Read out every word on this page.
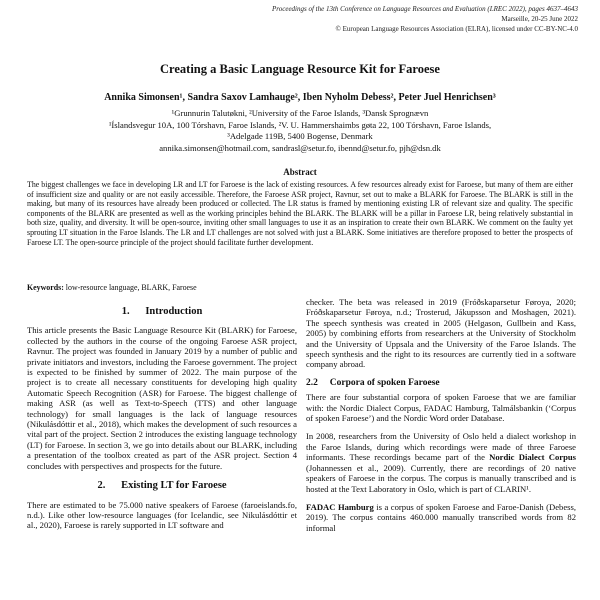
Proceedings of the 13th Conference on Language Resources and Evaluation (LREC 2022), pages 4637–4643
Marseille, 20-25 June 2022
© European Language Resources Association (ELRA), licensed under CC-BY-NC-4.0
Creating a Basic Language Resource Kit for Faroese
Annika Simonsen¹, Sandra Saxov Lamhauge², Iben Nyholm Debess², Peter Juel Henrichsen³
¹Grunnurin Talutøkni, ²University of the Faroe Islands, ³Dansk Sprognævn
¹Íslandsvegur 10A, 100 Tórshavn, Faroe Islands, ²V. U. Hammershaimbs gøta 22, 100 Tórshavn, Faroe Islands,
³Adelgade 119B, 5400 Bogense, Denmark
annika.simonsen@hotmail.com, sandrasl@setur.fo, ibennd@setur.fo, pjh@dsn.dk
Abstract
The biggest challenges we face in developing LR and LT for Faroese is the lack of existing resources. A few resources already exist for Faroese, but many of them are either of insufficient size and quality or are not easily accessible. Therefore, the Faroese ASR project, Ravnur, set out to make a BLARK for Faroese. The BLARK is still in the making, but many of its resources have already been produced or collected. The LR status is framed by mentioning existing LR of relevant size and quality. The specific components of the BLARK are presented as well as the working principles behind the BLARK. The BLARK will be a pillar in Faroese LR, being relatively substantial in both size, quality, and diversity. It will be open-source, inviting other small languages to use it as an inspiration to create their own BLARK. We comment on the faulty yet sprouting LT situation in the Faroe Islands. The LR and LT challenges are not solved with just a BLARK. Some initiatives are therefore proposed to better the prospects of Faroese LT. The open-source principle of the project should facilitate further development.
Keywords: low-resource language, BLARK, Faroese
1.      Introduction

This article presents the Basic Language Resource Kit (BLARK) for Faroese, collected by the authors in the course of the ongoing Faroese ASR project, Ravnur. The project was founded in January 2019 by a number of public and private initiators and investors, including the Faroese government. The project is expected to be finished by summer of 2022. The main purpose of the project is to create all necessary constituents for developing high quality Automatic Speech Recognition (ASR) for Faroese. The biggest challenge of making ASR (as well as Text-to-Speech (TTS) and other language technology) for small languages is the lack of language resources (Nikulásdóttir et al., 2018), which makes the development of such resources a vital part of the project. Section 2 introduces the existing language technology (LT) for Faroese. In section 3, we go into details about our BLARK, including a presentation of the toolbox created as part of the ASR project. Section 4 concludes with perspectives and prospects for the future.

2.      Existing LT for Faroese

There are estimated to be 75.000 native speakers of Faroese (faroeislands.fo, n.d.). Like other low-resource languages (for Icelandic, see Nikulásdóttir et al., 2020), Faroese is rarely supported in LT software and

checker. The beta was released in 2019 (Fróðskaparsetur Føroya, 2020; Fróðskaparsetur Føroya, n.d.; Trosterud, Jákupsson and Moshagen, 2021). The speech synthesis was created in 2005 (Helgason, Gullbein and Kass, 2005) by combining efforts from researchers at the University of Stockholm and the University of Uppsala and the University of the Faroe Islands. The speech synthesis and the right to its resources are currently tied in a software company abroad.

2.2     Corpora of spoken Faroese

There are four substantial corpora of spoken Faroese that we are familiar with: the Nordic Dialect Corpus, FADAC Hamburg, Talmálsbankin (‘Corpus of spoken Faroese’) and the Nordic Word order Database.

In 2008, researchers from the University of Oslo held a dialect workshop in the Faroe Islands, during which recordings were made of three Faroese informants. These recordings became part of the Nordic Dialect Corpus (Johannessen et al., 2009). Currently, there are recordings of 20 native speakers of Faroese in the corpus. The corpus is manually transcribed and is hosted at the Text Laboratory in Oslo, which is part of CLARIN¹.

FADAC Hamburg is a corpus of spoken Faroese and Faroe-Danish (Debess, 2019). The corpus contains 460.000 manually transcribed words from 82 informal
